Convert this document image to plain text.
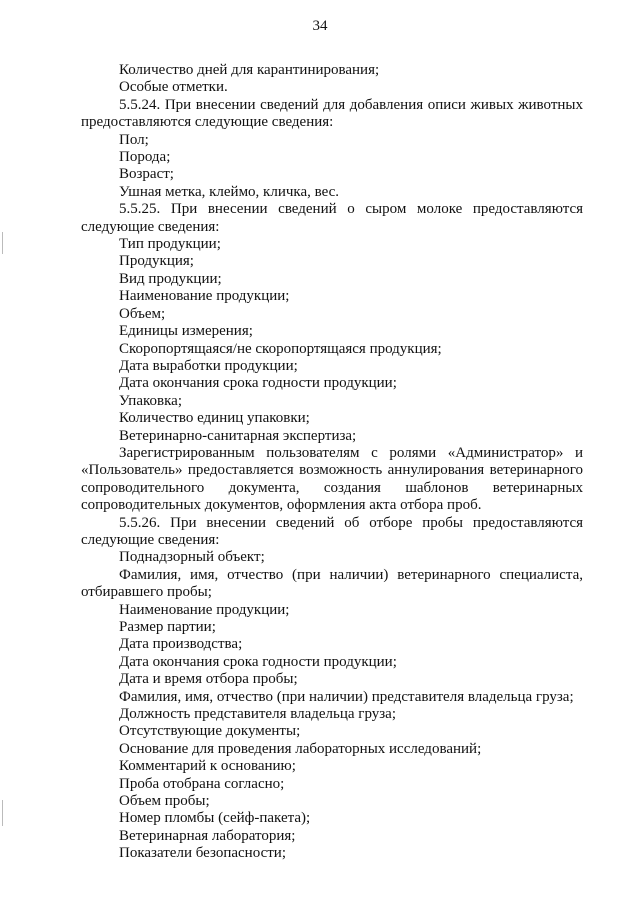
34
Количество дней для карантинирования;
Особые отметки.
5.5.24. При внесении сведений для добавления описи живых животных
предоставляются следующие сведения:
Пол;
Порода;
Возраст;
Ушная метка, клеймо, кличка, вес.
5.5.25. При внесении сведений о сыром молоке предоставляются
следующие сведения:
Тип продукции;
Продукция;
Вид продукции;
Наименование продукции;
Объем;
Единицы измерения;
Скоропортящаяся/не скоропортящаяся продукция;
Дата выработки продукции;
Дата окончания срока годности продукции;
Упаковка;
Количество единиц упаковки;
Ветеринарно-санитарная экспертиза;
Зарегистрированным пользователям с ролями «Администратор» и
«Пользователь» предоставляется возможность аннулирования ветеринарного
сопроводительного документа, создания шаблонов ветеринарных
сопроводительных документов, оформления акта отбора проб.
5.5.26. При внесении сведений об отборе пробы предоставляются
следующие сведения:
Поднадзорный объект;
Фамилия, имя, отчество (при наличии) ветеринарного специалиста,
отбиравшего пробы;
Наименование продукции;
Размер партии;
Дата производства;
Дата окончания срока годности продукции;
Дата и время отбора пробы;
Фамилия, имя, отчество (при наличии) представителя владельца груза;
Должность представителя владельца груза;
Отсутствующие документы;
Основание для проведения лабораторных исследований;
Комментарий к основанию;
Проба отобрана согласно;
Объем пробы;
Номер пломбы (сейф-пакета);
Ветеринарная лаборатория;
Показатели безопасности;
